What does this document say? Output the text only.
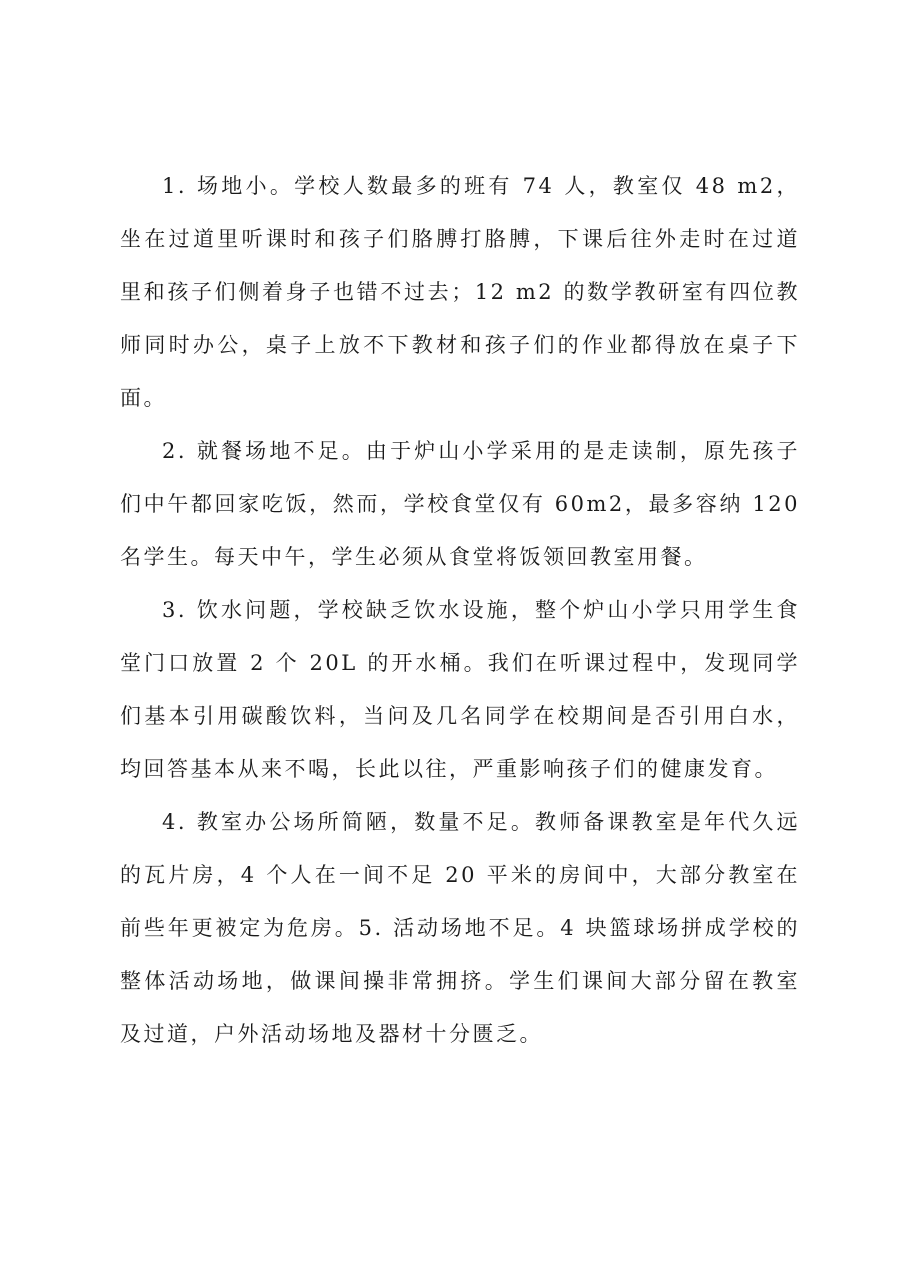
1. 场地小。学校人数最多的班有 74 人，教室仅 48 m2，坐在过道里听课时和孩子们胳膊打胳膊，下课后往外走时在过道里和孩子们侧着身子也错不过去；12 m2 的数学教研室有四位教师同时办公，桌子上放不下教材和孩子们的作业都得放在桌子下面。

2. 就餐场地不足。由于炉山小学采用的是走读制，原先孩子们中午都回家吃饭，然而，学校食堂仅有 60m2，最多容纳 120 名学生。每天中午，学生必须从食堂将饭领回教室用餐。

3. 饮水问题，学校缺乏饮水设施，整个炉山小学只用学生食堂门口放置 2 个 20L 的开水桶。我们在听课过程中，发现同学们基本引用碳酸饮料，当问及几名同学在校期间是否引用白水，均回答基本从来不喝，长此以往，严重影响孩子们的健康发育。

4. 教室办公场所简陋，数量不足。教师备课教室是年代久远的瓦片房，4 个人在一间不足 20 平米的房间中，大部分教室在前些年更被定为危房。5. 活动场地不足。4 块篮球场拼成学校的整体活动场地，做课间操非常拥挤。学生们课间大部分留在教室及过道，户外活动场地及器材十分匮乏。
